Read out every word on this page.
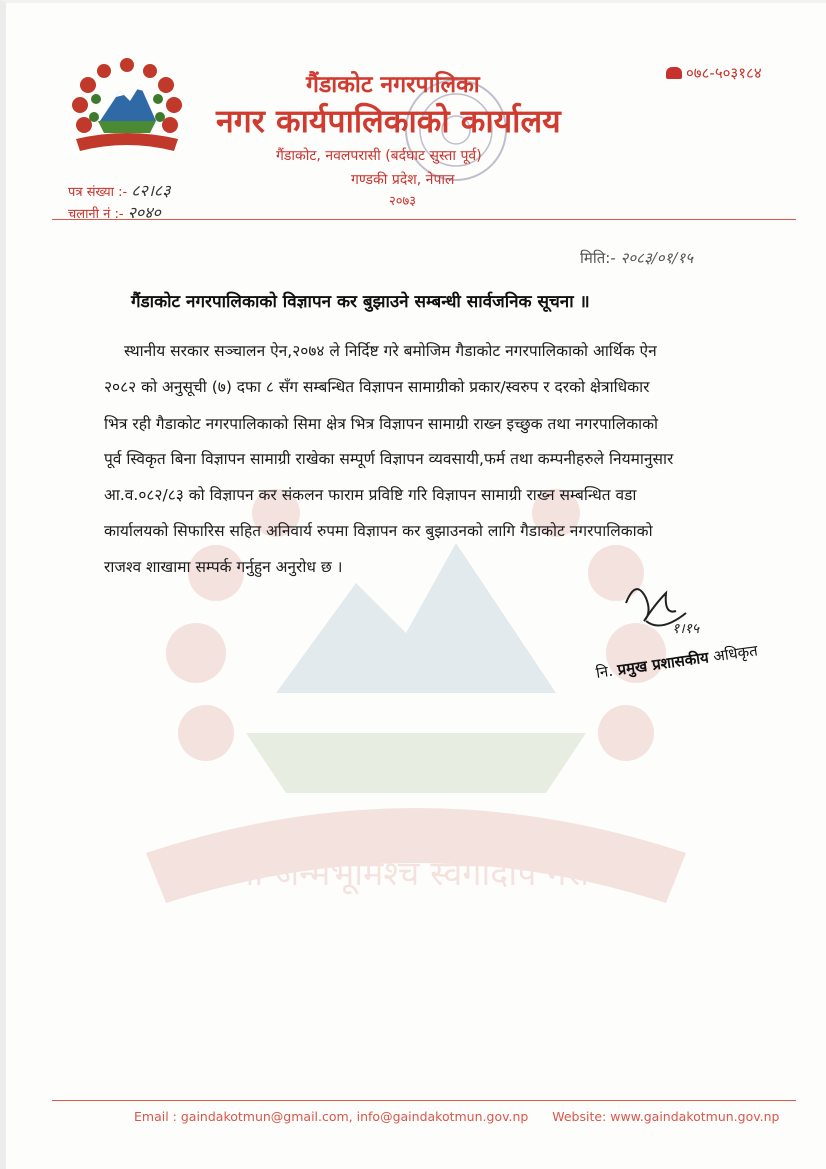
जननी जन्मभूमिश्च स्वर्गादपि गरीयसी
०७८-५०३१८४
गैंडाकोट नगरपालिका
नगर कार्यपालिकाको कार्यालय
गैंडाकोट, नवलपरासी (बर्दघाट सुस्ता पूर्व)
गण्डकी प्रदेश, नेपाल
२०७३
पत्र संख्या :- ८२।८३
चलानी नं :- २०४०
मिति:- २०८३/०१/१५
गैंडाकोट नगरपालिकाको विज्ञापन कर बुझाउने सम्बन्धी सार्वजनिक सूचना ॥
स्थानीय सरकार सञ्चालन ऐन,२०७४ ले निर्दिष्ट गरे बमोजिम गैडाकोट नगरपालिकाको आर्थिक ऐन
२०८२ को अनुसूची (७) दफा ८ सँग सम्बन्धित विज्ञापन सामाग्रीको प्रकार/स्वरुप र दरको क्षेत्राधिकार
भित्र रही गैडाकोट नगरपालिकाको सिमा क्षेत्र भित्र विज्ञापन सामाग्री राख्न इच्छुक तथा नगरपालिकाको
पूर्व स्विकृत बिना विज्ञापन सामाग्री राखेका सम्पूर्ण विज्ञापन व्यवसायी,फर्म तथा कम्पनीहरुले नियमानुसार
आ.व.०८२/८३ को विज्ञापन कर संकलन फाराम प्रविष्टि गरि विज्ञापन सामाग्री राख्न सम्बन्धित वडा
कार्यालयको सिफारिस सहित अनिवार्य रुपमा विज्ञापन कर बुझाउनको लागि गैडाकोट नगरपालिकाको
राजश्व शाखामा सम्पर्क गर्नुहुन अनुरोध छ ।
१।१५
नि. प्रमुख प्रशासकीय अधिकृत
Email : gaindakotmun@gmail.com, info@gaindakotmun.gov.np Website: www.gaindakotmun.gov.np
